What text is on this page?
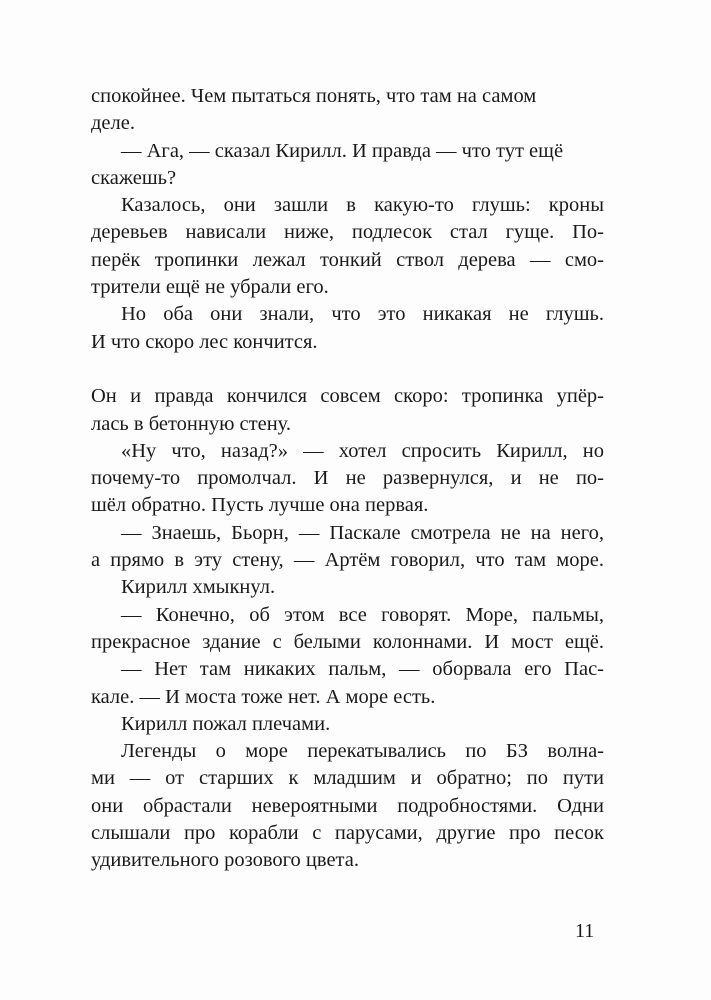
спокойнее. Чем пытаться понять, что там на самом
деле.
— Ага, — сказал Кирилл. И правда — что тут ещё
скажешь?
Казалось, они зашли в какую-то глушь: кроны
деревьев нависали ниже, подлесок стал гуще. По-
перёк тропинки лежал тонкий ствол дерева — смо-
трители ещё не убрали его.
Но оба они знали, что это никакая не глушь.
И что скоро лес кончится.
Он и правда кончился совсем скоро: тропинка упёр-
лась в бетонную стену.
«Ну что, назад?» — хотел спросить Кирилл, но
почему-то промолчал. И не развернулся, и не по-
шёл обратно. Пусть лучше она первая.
— Знаешь, Бьорн, — Паскале смотрела не на него,
а прямо в эту стену, — Артём говорил, что там море.
Кирилл хмыкнул.
— Конечно, об этом все говорят. Море, пальмы,
прекрасное здание с белыми колоннами. И мост ещё.
— Нет там никаких пальм, — оборвала его Пас-
кале. — И моста тоже нет. А море есть.
Кирилл пожал плечами.
Легенды о море перекатывались по БЗ волна-
ми — от старших к младшим и обратно; по пути
они обрастали невероятными подробностями. Одни
слышали про корабли с парусами, другие про песок
удивительного розового цвета.
11
